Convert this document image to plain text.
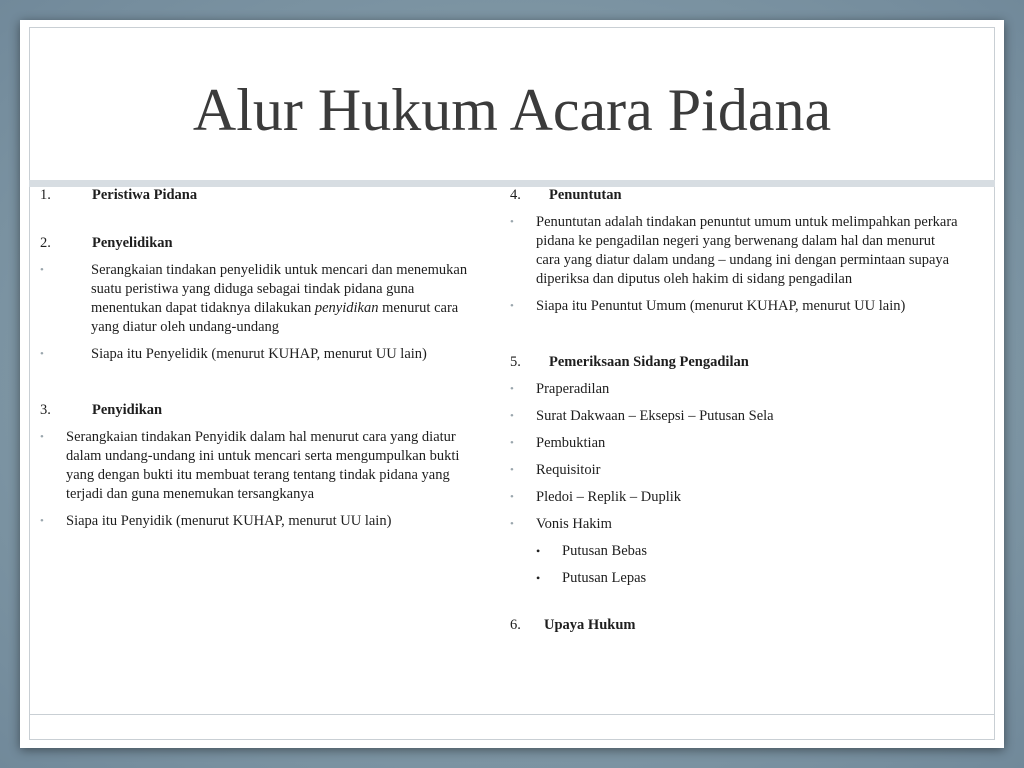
Alur Hukum Acara Pidana
1.	Peristiwa Pidana
2.	Penyelidikan
•	Serangkaian tindakan penyelidik untuk mencari dan menemukan suatu peristiwa yang diduga sebagai tindak pidana guna menentukan dapat tidaknya dilakukan penyidikan menurut cara yang diatur oleh undang-undang
•	Siapa itu Penyelidik (menurut KUHAP, menurut UU lain)
3.	Penyidikan
•	Serangkaian tindakan Penyidik dalam hal menurut cara yang diatur dalam undang-undang ini untuk mencari serta mengumpulkan bukti yang dengan bukti itu membuat terang tentang tindak pidana yang terjadi dan guna menemukan tersangkanya
•	Siapa itu Penyidik (menurut KUHAP, menurut UU lain)
4.	Penuntutan
•	Penuntutan adalah tindakan penuntut umum untuk melimpahkan perkara pidana ke pengadilan negeri yang berwenang dalam hal dan menurut cara yang diatur dalam undang – undang ini dengan permintaan supaya diperiksa dan diputus oleh hakim di sidang pengadilan
•	Siapa itu Penuntut Umum (menurut KUHAP, menurut UU lain)
5.	Pemeriksaan Sidang Pengadilan
•	Praperadilan
•	Surat Dakwaan – Eksepsi – Putusan Sela
•	Pembuktian
•	Requisitoir
•	Pledoi – Replik – Duplik
•	Vonis Hakim
•	Putusan Bebas
•	Putusan Lepas
6.	Upaya Hukum
